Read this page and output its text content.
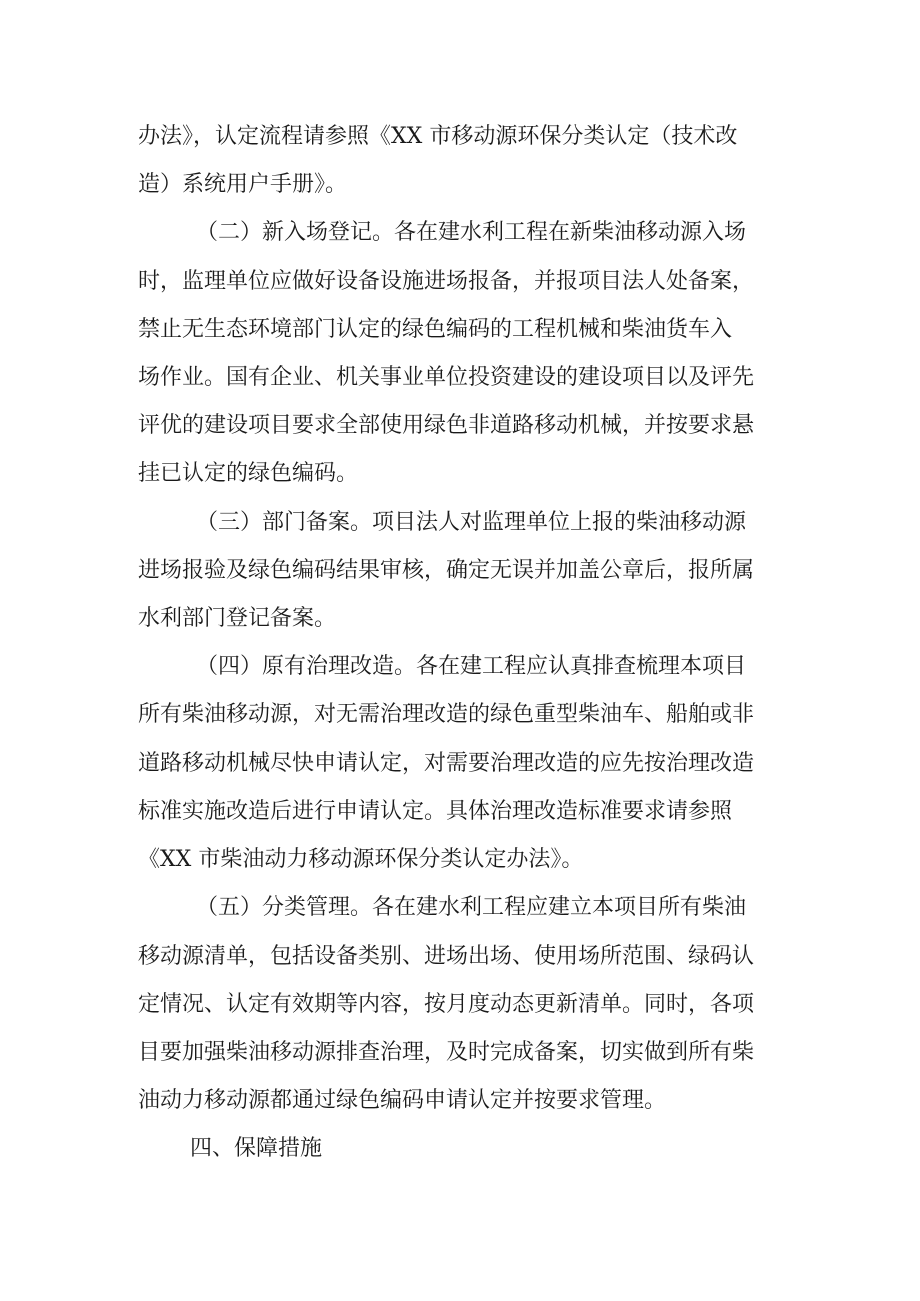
办法》，认定流程请参照《XX 市移动源环保分类认定（技术改
造）系统用户手册》。
（二）新入场登记。各在建水利工程在新柴油移动源入场
时，监理单位应做好设备设施进场报备，并报项目法人处备案，
禁止无生态环境部门认定的绿色编码的工程机械和柴油货车入
场作业。国有企业、机关事业单位投资建设的建设项目以及评先
评优的建设项目要求全部使用绿色非道路移动机械，并按要求悬
挂已认定的绿色编码。
（三）部门备案。项目法人对监理单位上报的柴油移动源
进场报验及绿色编码结果审核，确定无误并加盖公章后，报所属
水利部门登记备案。
（四）原有治理改造。各在建工程应认真排查梳理本项目
所有柴油移动源，对无需治理改造的绿色重型柴油车、船舶或非
道路移动机械尽快申请认定，对需要治理改造的应先按治理改造
标准实施改造后进行申请认定。具体治理改造标准要求请参照
《XX 市柴油动力移动源环保分类认定办法》。
（五）分类管理。各在建水利工程应建立本项目所有柴油
移动源清单，包括设备类别、进场出场、使用场所范围、绿码认
定情况、认定有效期等内容，按月度动态更新清单。同时，各项
目要加强柴油移动源排查治理，及时完成备案，切实做到所有柴
油动力移动源都通过绿色编码申请认定并按要求管理。
四、保障措施
